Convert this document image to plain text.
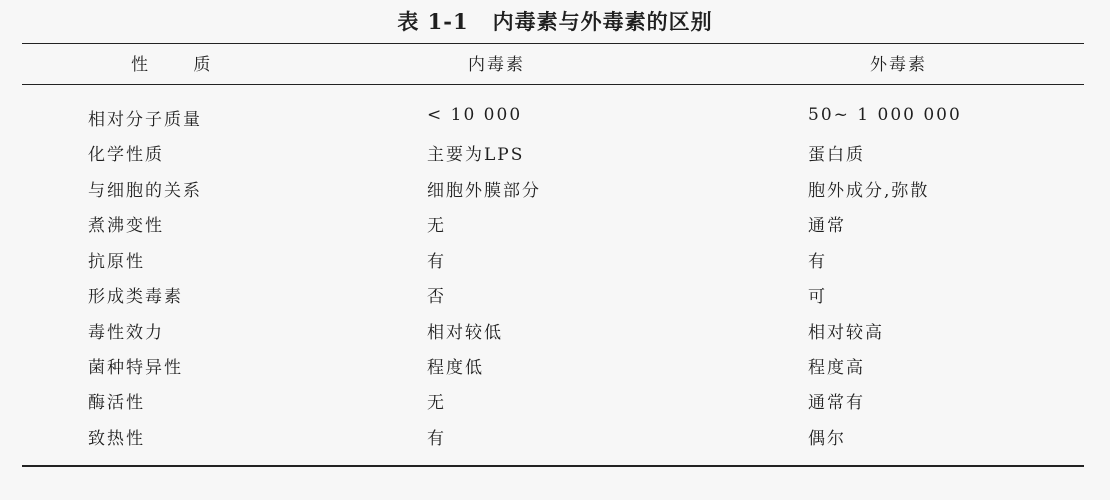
表 1-1 内毒素与外毒素的区别
性 质	内毒素	外毒素
相对分子质量	< 10 000	50~ 1 000 000
化学性质	主要为LPS	蛋白质
与细胞的关系	细胞外膜部分	胞外成分,弥散
煮沸变性	无	通常
抗原性	有	有
形成类毒素	否	可
毒性效力	相对较低	相对较高
菌种特异性	程度低	程度高
酶活性	无	通常有
致热性	有	偶尔
